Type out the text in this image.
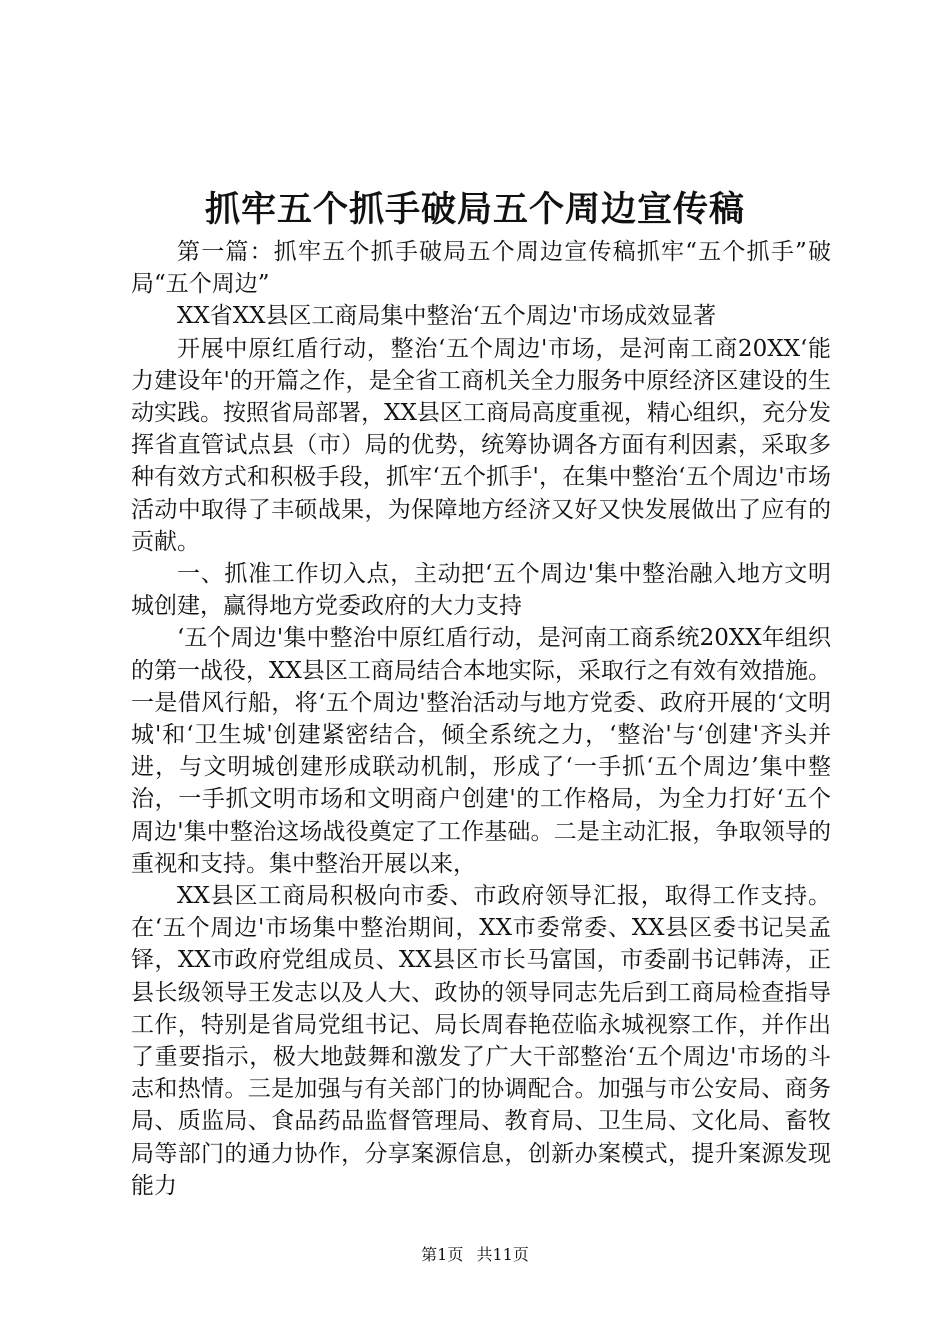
抓牢五个抓手破局五个周边宣传稿

第一篇：抓牢五个抓手破局五个周边宣传稿抓牢“五个抓手”破局“五个周边”

XX省XX县区工商局集中整治‘五个周边'市场成效显著

开展中原红盾行动，整治‘五个周边'市场，是河南工商20XX‘能力建设年'的开篇之作，是全省工商机关全力服务中原经济区建设的生动实践。按照省局部署，XX县区工商局高度重视，精心组织，充分发挥省直管试点县（市）局的优势，统筹协调各方面有利因素，采取多种有效方式和积极手段，抓牢‘五个抓手'，在集中整治‘五个周边'市场活动中取得了丰硕战果，为保障地方经济又好又快发展做出了应有的贡献。

一、抓准工作切入点，主动把‘五个周边'集中整治融入地方文明城创建，赢得地方党委政府的大力支持

‘五个周边'集中整治中原红盾行动，是河南工商系统20XX年组织的第一战役，XX县区工商局结合本地实际，采取行之有效有效措施。一是借风行船，将‘五个周边'整治活动与地方党委、政府开展的‘文明城'和‘卫生城'创建紧密结合，倾全系统之力，‘整治'与‘创建'齐头并进，与文明城创建形成联动机制，形成了‘一手抓‘五个周边’集中整治，一手抓文明市场和文明商户创建'的工作格局，为全力打好‘五个周边'集中整治这场战役奠定了工作基础。二是主动汇报，争取领导的重视和支持。集中整治开展以来，

XX县区工商局积极向市委、市政府领导汇报，取得工作支持。在‘五个周边'市场集中整治期间，XX市委常委、XX县区委书记吴孟铎，XX市政府党组成员、XX县区市长马富国，市委副书记韩涛，正县长级领导王发志以及人大、政协的领导同志先后到工商局检查指导工作，特别是省局党组书记、局长周春艳莅临永城视察工作，并作出了重要指示，极大地鼓舞和激发了广大干部整治‘五个周边'市场的斗志和热情。三是加强与有关部门的协调配合。加强与市公安局、商务局、质监局、食品药品监督管理局、教育局、卫生局、文化局、畜牧局等部门的通力协作，分享案源信息，创新办案模式，提升案源发现能力

第1页 共11页
